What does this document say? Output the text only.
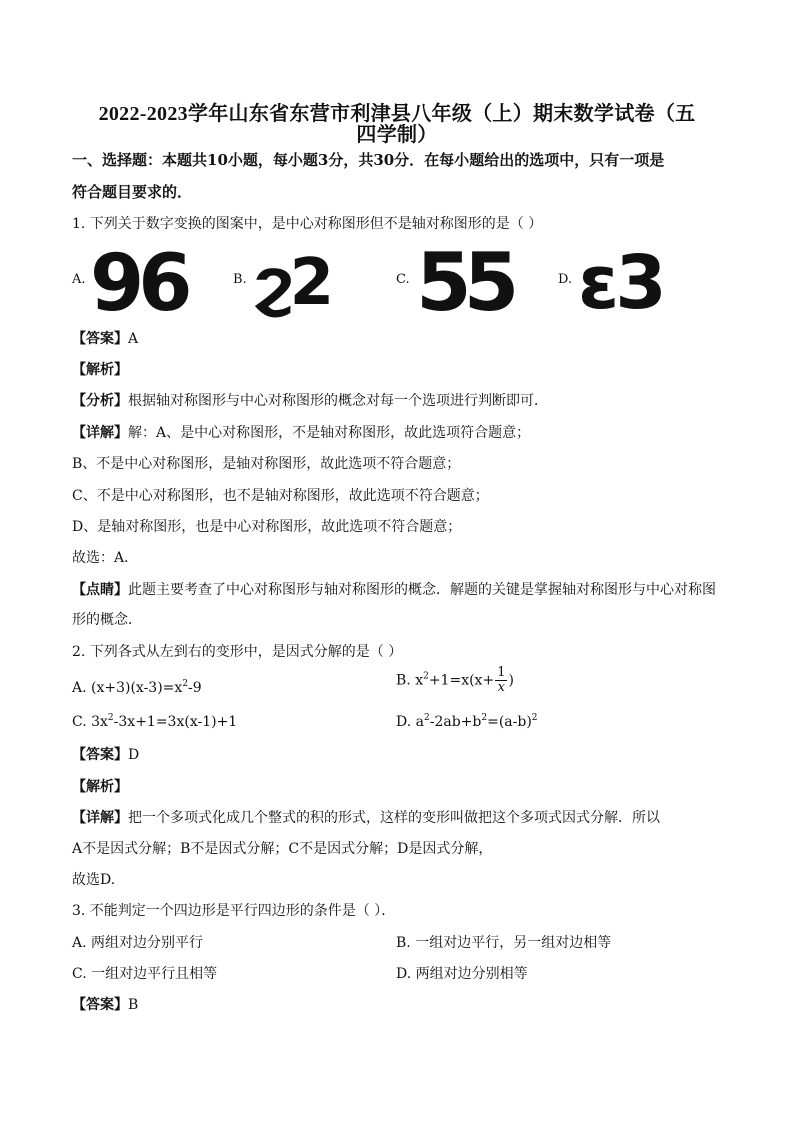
2022-2023学年山东省东营市利津县八年级（上）期末数学试卷（五
四学制）
一、选择题：本题共10小题，每小题3分，共30分．在每小题给出的选项中，只有一项是
符合题目要求的．
1. 下列关于数字变换的图案中，是中心对称图形但不是轴对称图形的是（ ）
A. 96	B. ϩ2	C. 55	D. ε3
【答案】A
【解析】
【分析】根据轴对称图形与中心对称图形的概念对每一个选项进行判断即可．
【详解】解：A、是中心对称图形，不是轴对称图形，故此选项符合题意；
B、不是中心对称图形，是轴对称图形，故此选项不符合题意；
C、不是中心对称图形，也不是轴对称图形，故此选项不符合题意；
D、是轴对称图形，也是中心对称图形，故此选项不符合题意；
故选：A．
【点睛】此题主要考查了中心对称图形与轴对称图形的概念．解题的关键是掌握轴对称图形与中心对称图
形的概念．
2. 下列各式从左到右的变形中，是因式分解的是（ ）
A. $(x+3)(x-3)=x^2-9$	B. $x^2+1=x(x+ \frac{1}{x}$ )
C. $3x^2-3x+1=3x(x-1)+1$	D. $a^2-2ab+b^2=(a-b)^2$
【答案】D
【解析】
【详解】把一个多项式化成几个整式的积的形式，这样的变形叫做把这个多项式因式分解．所以
A不是因式分解；B不是因式分解；C不是因式分解；D是因式分解，
故选D.
3. 不能判定一个四边形是平行四边形的条件是（ ）．
A. 两组对边分别平行	B. 一组对边平行，另一组对边相等
C. 一组对边平行且相等	D. 两组对边分别相等
【答案】B
